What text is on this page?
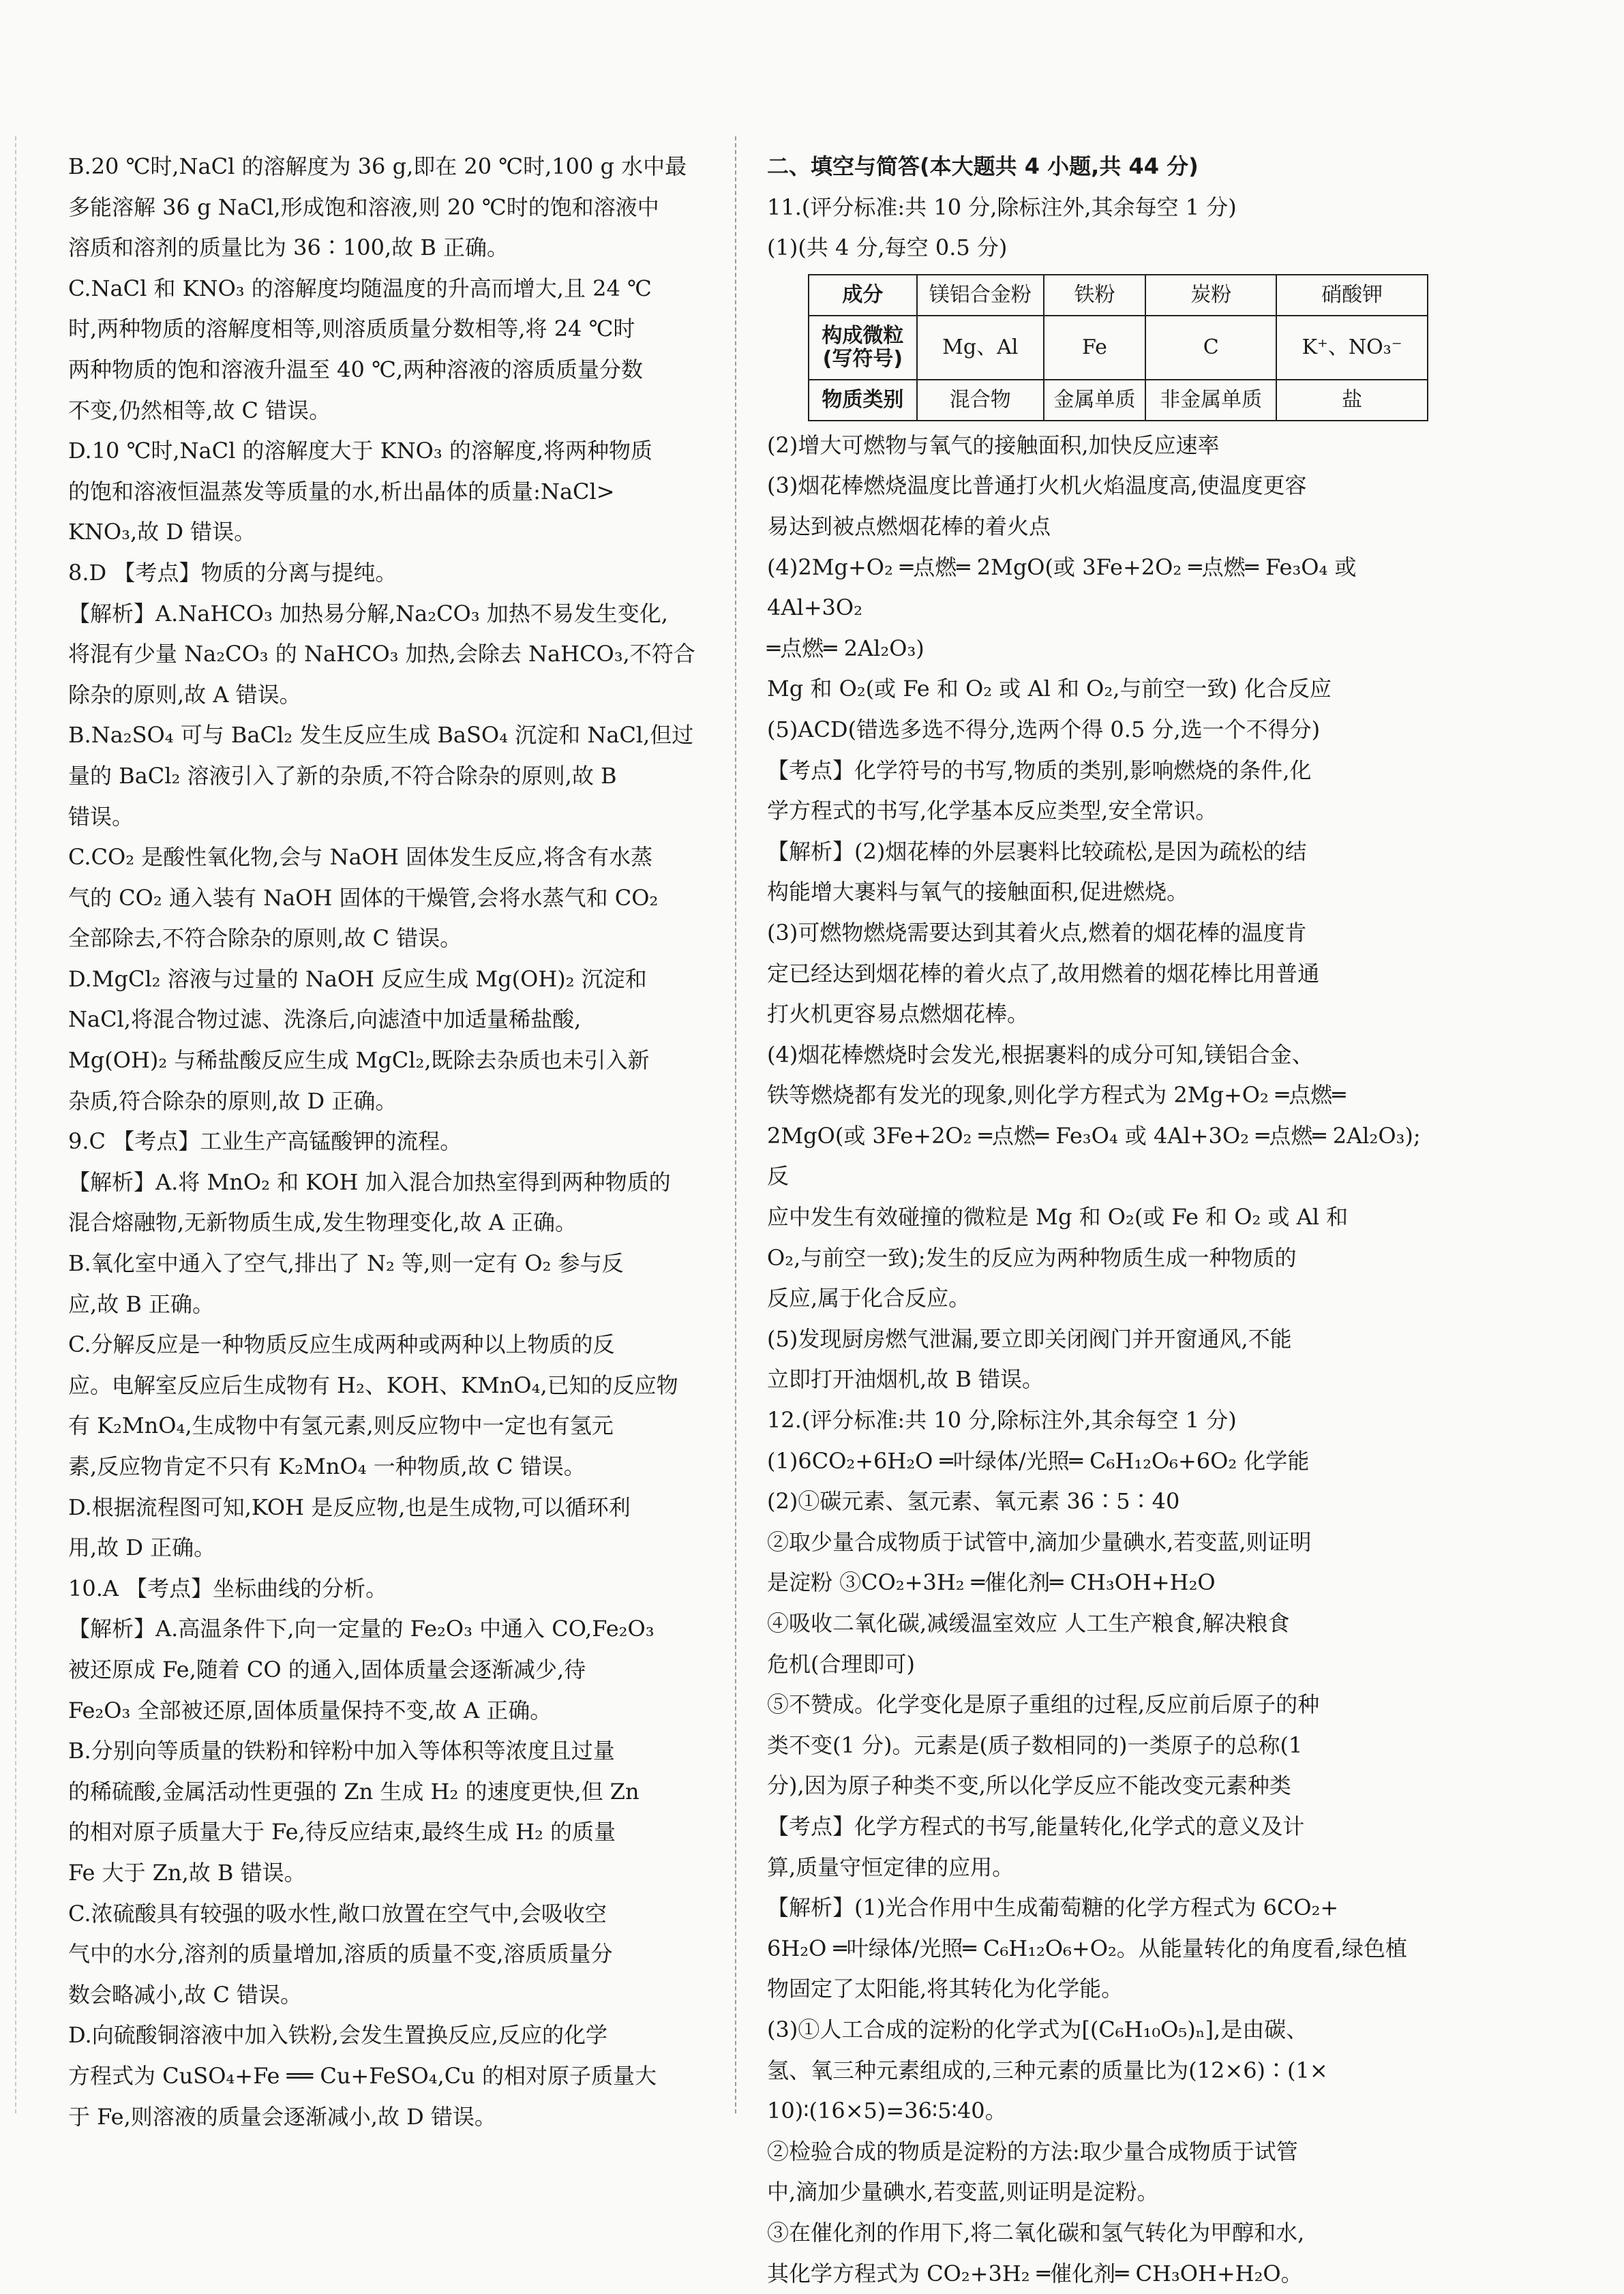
B.20 ℃时,NaCl 的溶解度为 36 g,即在 20 ℃时,100 g 水中最

多能溶解 36 g NaCl,形成饱和溶液,则 20 ℃时的饱和溶液中

溶质和溶剂的质量比为 36∶100,故 B 正确。

C.NaCl 和 KNO₃ 的溶解度均随温度的升高而增大,且 24 ℃

时,两种物质的溶解度相等,则溶质质量分数相等,将 24 ℃时

两种物质的饱和溶液升温至 40 ℃,两种溶液的溶质质量分数

不变,仍然相等,故 C 错误。

D.10 ℃时,NaCl 的溶解度大于 KNO₃ 的溶解度,将两种物质

的饱和溶液恒温蒸发等质量的水,析出晶体的质量:NaCl>

KNO₃,故 D 错误。

8.D 【考点】物质的分离与提纯。

【解析】A.NaHCO₃ 加热易分解,Na₂CO₃ 加热不易发生变化,

将混有少量 Na₂CO₃ 的 NaHCO₃ 加热,会除去 NaHCO₃,不符合

除杂的原则,故 A 错误。

B.Na₂SO₄ 可与 BaCl₂ 发生反应生成 BaSO₄ 沉淀和 NaCl,但过

量的 BaCl₂ 溶液引入了新的杂质,不符合除杂的原则,故 B

错误。

C.CO₂ 是酸性氧化物,会与 NaOH 固体发生反应,将含有水蒸

气的 CO₂ 通入装有 NaOH 固体的干燥管,会将水蒸气和 CO₂

全部除去,不符合除杂的原则,故 C 错误。

D.MgCl₂ 溶液与过量的 NaOH 反应生成 Mg(OH)₂ 沉淀和

NaCl,将混合物过滤、洗涤后,向滤渣中加适量稀盐酸,

Mg(OH)₂ 与稀盐酸反应生成 MgCl₂,既除去杂质也未引入新

杂质,符合除杂的原则,故 D 正确。

9.C 【考点】工业生产高锰酸钾的流程。

【解析】A.将 MnO₂ 和 KOH 加入混合加热室得到两种物质的

混合熔融物,无新物质生成,发生物理变化,故 A 正确。

B.氧化室中通入了空气,排出了 N₂ 等,则一定有 O₂ 参与反

应,故 B 正确。

C.分解反应是一种物质反应生成两种或两种以上物质的反

应。电解室反应后生成物有 H₂、KOH、KMnO₄,已知的反应物

有 K₂MnO₄,生成物中有氢元素,则反应物中一定也有氢元

素,反应物肯定不只有 K₂MnO₄ 一种物质,故 C 错误。

D.根据流程图可知,KOH 是反应物,也是生成物,可以循环利

用,故 D 正确。

10.A 【考点】坐标曲线的分析。

【解析】A.高温条件下,向一定量的 Fe₂O₃ 中通入 CO,Fe₂O₃

被还原成 Fe,随着 CO 的通入,固体质量会逐渐减少,待

Fe₂O₃ 全部被还原,固体质量保持不变,故 A 正确。

B.分别向等质量的铁粉和锌粉中加入等体积等浓度且过量

的稀硫酸,金属活动性更强的 Zn 生成 H₂ 的速度更快,但 Zn

的相对原子质量大于 Fe,待反应结束,最终生成 H₂ 的质量

Fe 大于 Zn,故 B 错误。

C.浓硫酸具有较强的吸水性,敞口放置在空气中,会吸收空

气中的水分,溶剂的质量增加,溶质的质量不变,溶质质量分

数会略减小,故 C 错误。

D.向硫酸铜溶液中加入铁粉,会发生置换反应,反应的化学

方程式为 CuSO₄+Fe ══ Cu+FeSO₄,Cu 的相对原子质量大

于 Fe,则溶液的质量会逐渐减小,故 D 错误。

二、填空与简答(本大题共 4 小题,共 44 分)

11.(评分标准:共 10 分,除标注外,其余每空 1 分)

(1)(共 4 分,每空 0.5 分)

成分	镁铝合金粉	铁粉	炭粉	硝酸钾
构成微粒(写符号)	Mg、Al	Fe	C	K⁺、NO₃⁻
物质类别	混合物	金属单质	非金属单质	盐

(2)增大可燃物与氧气的接触面积,加快反应速率

(3)烟花棒燃烧温度比普通打火机火焰温度高,使温度更容

易达到被点燃烟花棒的着火点

(4)2Mg+O₂ ═点燃═ 2MgO(或 3Fe+2O₂ ═点燃═ Fe₃O₄ 或 4Al+3O₂

═点燃═ 2Al₂O₃)

Mg 和 O₂(或 Fe 和 O₂ 或 Al 和 O₂,与前空一致) 化合反应

(5)ACD(错选多选不得分,选两个得 0.5 分,选一个不得分)

【考点】化学符号的书写,物质的类别,影响燃烧的条件,化

学方程式的书写,化学基本反应类型,安全常识。

【解析】(2)烟花棒的外层裹料比较疏松,是因为疏松的结

构能增大裹料与氧气的接触面积,促进燃烧。

(3)可燃物燃烧需要达到其着火点,燃着的烟花棒的温度肯

定已经达到烟花棒的着火点了,故用燃着的烟花棒比用普通

打火机更容易点燃烟花棒。

(4)烟花棒燃烧时会发光,根据裹料的成分可知,镁铝合金、

铁等燃烧都有发光的现象,则化学方程式为 2Mg+O₂ ═点燃═

2MgO(或 3Fe+2O₂ ═点燃═ Fe₃O₄ 或 4Al+3O₂ ═点燃═ 2Al₂O₃);反

应中发生有效碰撞的微粒是 Mg 和 O₂(或 Fe 和 O₂ 或 Al 和

O₂,与前空一致);发生的反应为两种物质生成一种物质的

反应,属于化合反应。

(5)发现厨房燃气泄漏,要立即关闭阀门并开窗通风,不能

立即打开油烟机,故 B 错误。

12.(评分标准:共 10 分,除标注外,其余每空 1 分)

(1)6CO₂+6H₂O ═叶绿体/光照═ C₆H₁₂O₆+6O₂ 化学能

(2)①碳元素、氢元素、氧元素 36∶5∶40

②取少量合成物质于试管中,滴加少量碘水,若变蓝,则证明

是淀粉 ③CO₂+3H₂ ═催化剂═ CH₃OH+H₂O

④吸收二氧化碳,减缓温室效应 人工生产粮食,解决粮食

危机(合理即可)

⑤不赞成。化学变化是原子重组的过程,反应前后原子的种

类不变(1 分)。元素是(质子数相同的)一类原子的总称(1

分),因为原子种类不变,所以化学反应不能改变元素种类

【考点】化学方程式的书写,能量转化,化学式的意义及计

算,质量守恒定律的应用。

【解析】(1)光合作用中生成葡萄糖的化学方程式为 6CO₂+

6H₂O ═叶绿体/光照═ C₆H₁₂O₆+O₂。从能量转化的角度看,绿色植

物固定了太阳能,将其转化为化学能。

(3)①人工合成的淀粉的化学式为[(C₆H₁₀O₅)ₙ],是由碳、

氢、氧三种元素组成的,三种元素的质量比为(12×6)∶(1×

10)∶(16×5)=36∶5∶40。

②检验合成的物质是淀粉的方法:取少量合成物质于试管

中,滴加少量碘水,若变蓝,则证明是淀粉。

③在催化剂的作用下,将二氧化碳和氢气转化为甲醇和水,

其化学方程式为 CO₂+3H₂ ═催化剂═ CH₃OH+H₂O。
